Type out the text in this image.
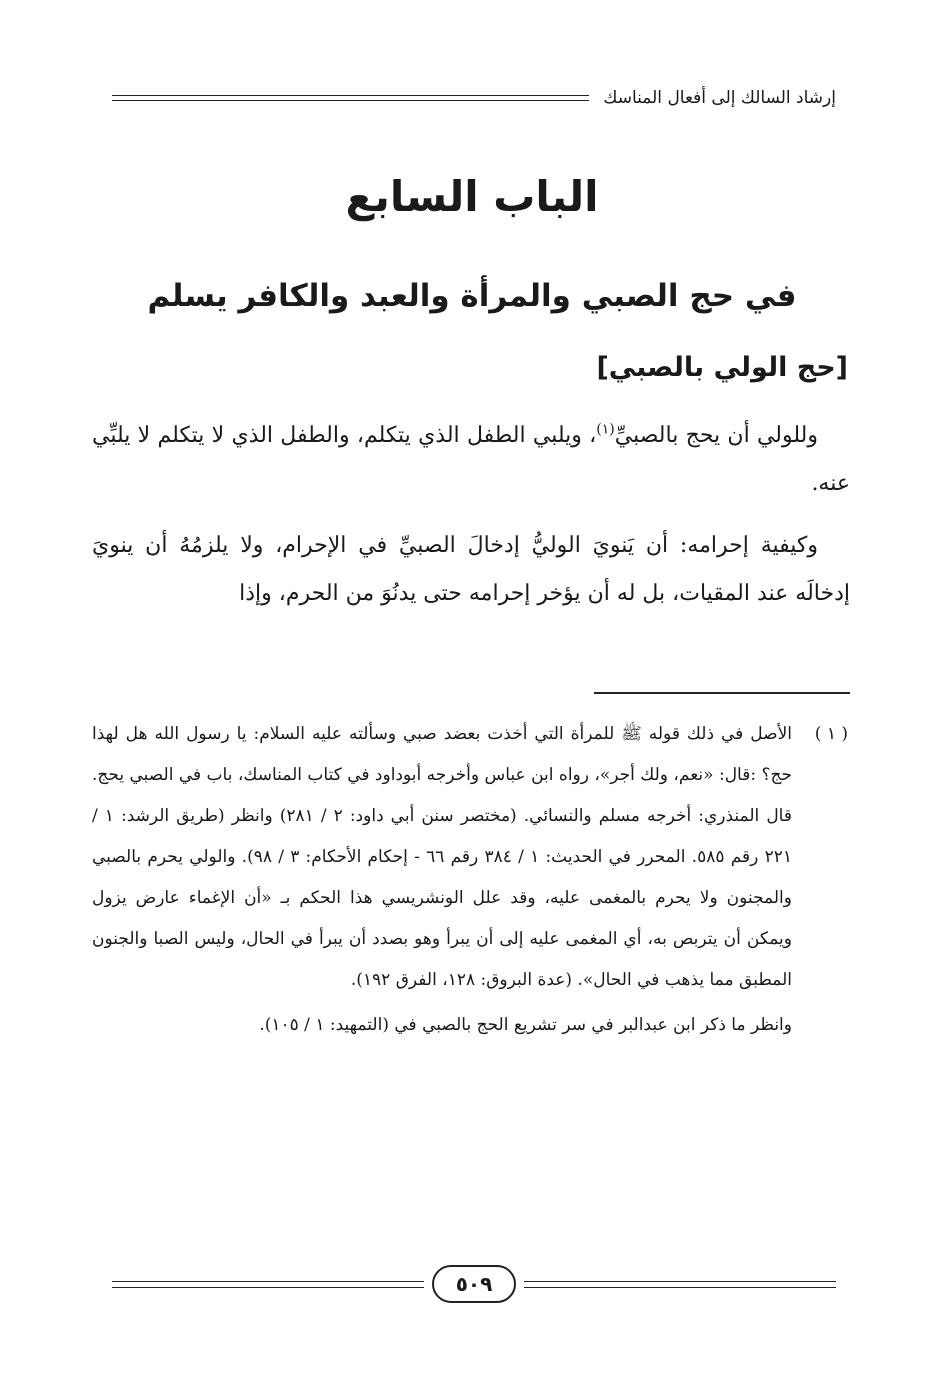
إرشاد السالك إلى أفعال المناسك
الباب السابع
في حج الصبي والمرأة والعبد والكافر يسلم
[حج الولي بالصبي]

وللولي أن يحج بالصبيِّ$^{(١)}$، ويلبي الطفل الذي يتكلم، والطفل الذي لا يتكلم لا يلبِّي عنه.

وكيفية إحرامه: أن يَنويَ الوليُّ إدخالَ الصبيِّ في الإحرام، ولا يلزمُهُ أن ينويَ إدخالَه عند المقيات، بل له أن يؤخر إحرامه حتى يدنُوَ من الحرم، وإذا

( ١ )
الأصل في ذلك قوله ﷺ للمرأة التي أخذت بعضد صبي وسألته عليه السلام: يا رسول الله هل لهذا حج؟ :قال: «نعم، ولك أجر»، رواه ابن عباس وأخرجه أبوداود في كتاب المناسك، باب في الصبي يحج. قال المنذري: أخرجه مسلم والنسائي. (مختصر سنن أبي داود: ٢ / ٢٨١) وانظر (طريق الرشد: ١ / ٢٢١ رقم ٥٨٥. المحرر في الحديث: ١ / ٣٨٤ رقم ٦٦ - إحكام الأحكام: ٣ / ٩٨). والولي يحرم بالصبي والمجنون ولا يحرم بالمغمى عليه، وقد علل الونشريسي هذا الحكم بـ «أن الإغماء عارض يزول ويمكن أن يتربص به، أي المغمى عليه إلى أن يبرأ وهو بصدد أن يبرأ في الحال، وليس الصبا والجنون المطبق مما يذهب في الحال». (عدة البروق: ١٢٨، الفرق ١٩٢).
وانظر ما ذكر ابن عبدالبر في سر تشريع الحج بالصبي في (التمهيد: ١ / ١٠٥).
٥٠٩
